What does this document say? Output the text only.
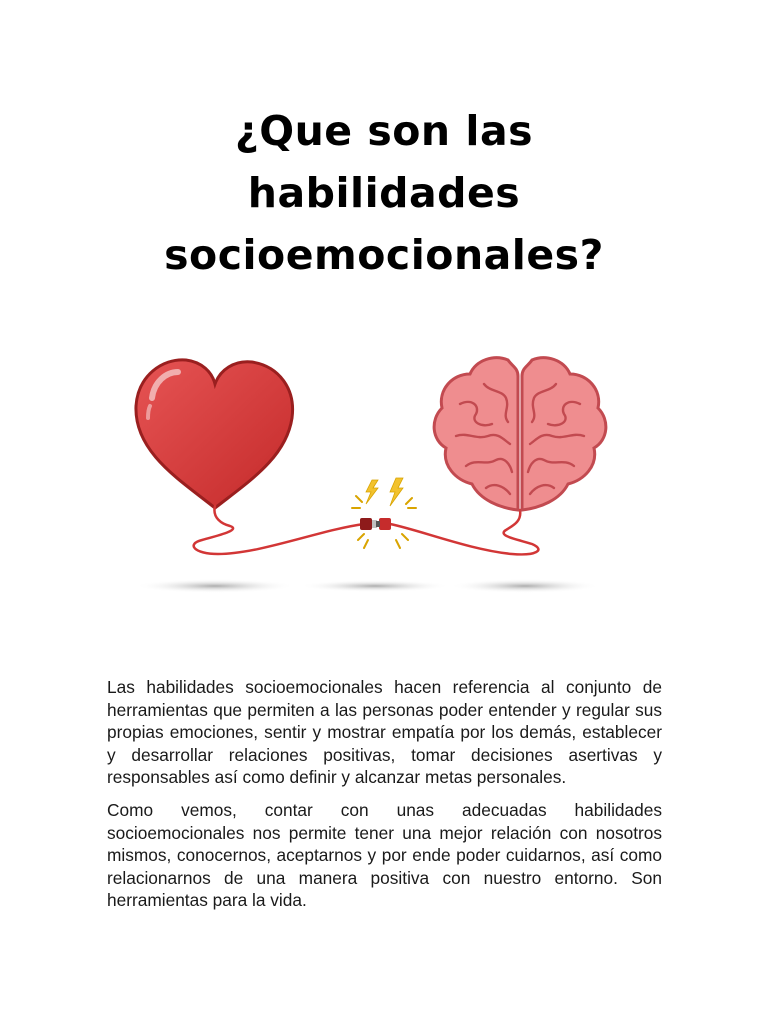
¿Que son las
habilidades
socioemocionales?

Las habilidades socioemocionales hacen referencia al conjunto de herramientas que permiten a las personas poder entender y regular sus propias emociones, sentir y mostrar empatía por los demás, establecer y desarrollar relaciones positivas, tomar decisiones asertivas y responsables así como definir y alcanzar metas personales.

Como vemos, contar con unas adecuadas habilidades socioemocionales nos permite tener una mejor relación con nosotros mismos, conocernos, aceptarnos y por ende poder cuidarnos, así como relacionarnos de una manera positiva con nuestro entorno. Son herramientas para la vida.
